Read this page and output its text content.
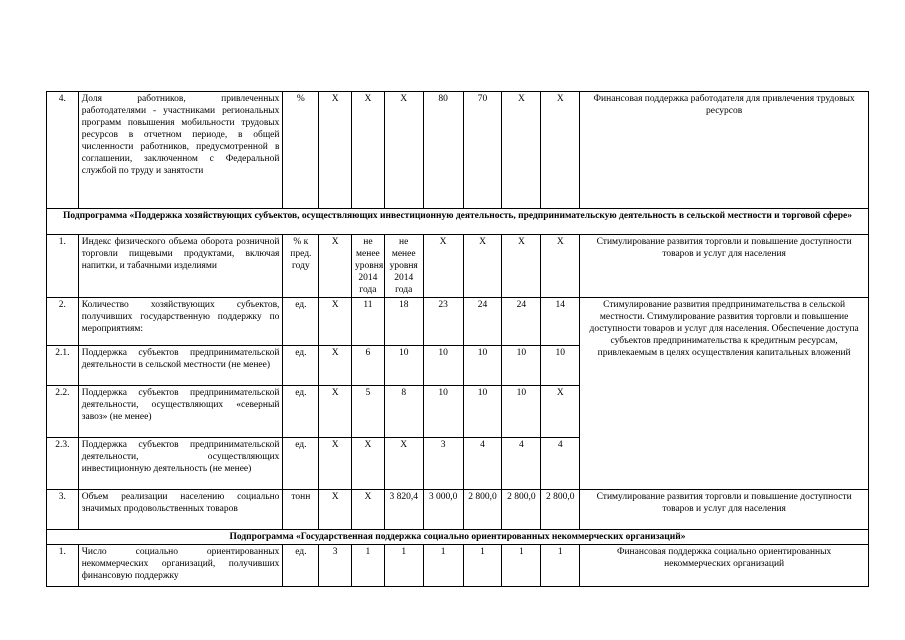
4.	Доля работников, привлеченных работодателями - участниками региональных программ повышения мобильности трудовых ресурсов в отчетном периоде, в общей численности работников, предусмотренной в соглашении, заключенном с Федеральной службой по труду и занятости	%	X	X	X	80	70	X	X	Финансовая поддержка работодателя для привлечения трудовых ресурсов
Подпрограмма «Поддержка хозяйствующих субъектов, осуществляющих инвестиционную деятельность, предпринимательскую деятельность в сельской местности и торговой сфере»										
1.	Индекс физического объема оборота розничной торговли пищевыми продуктами, включая напитки, и табачными изделиями	% к пред. году	X	не менее уровня 2014 года	не менее уровня 2014 года	X	X	X	X	Стимулирование развития торговли и повышение доступности товаров и услуг для населения
2.	Количество хозяйствующих субъектов, получивших государственную поддержку по мероприятиям:	ед.	X	11	18	23	24	24	14	Стимулирование развития предпринимательства в сельской местности. Стимулирование развития торговли и повышение доступности товаров и услуг для населения. Обеспечение доступа субъектов предпринимательства к кредитным ресурсам, привлекаемым в целях осуществления капитальных вложений
2.1.	Поддержка субъектов предпринимательской деятельности в сельской местности (не менее)	ед.	X	6	10	10	10	10	10	
2.2.	Поддержка субъектов предпринимательской деятельности, осуществляющих «северный завоз» (не менее)	ед.	X	5	8	10	10	10	X	
2.3.	Поддержка субъектов предпринимательской деятельности, осуществляющих инвестиционную деятельность (не менее)	ед.	X	X	X	3	4	4	4	
3.	Объем реализации населению социально значимых продовольственных товаров	тонн	X	X	3 820,4	3 000,0	2 800,0	2 800,0	2 800,0	Стимулирование развития торговли и повышение доступности товаров и услуг для населения
Подпрограмма «Государственная поддержка социально ориентированных некоммерческих организаций»										
1.	Число социально ориентированных некоммерческих организаций, получивших финансовую поддержку	ед.	3	1	1	1	1	1	1	Финансовая поддержка социально ориентированных некоммерческих организаций
